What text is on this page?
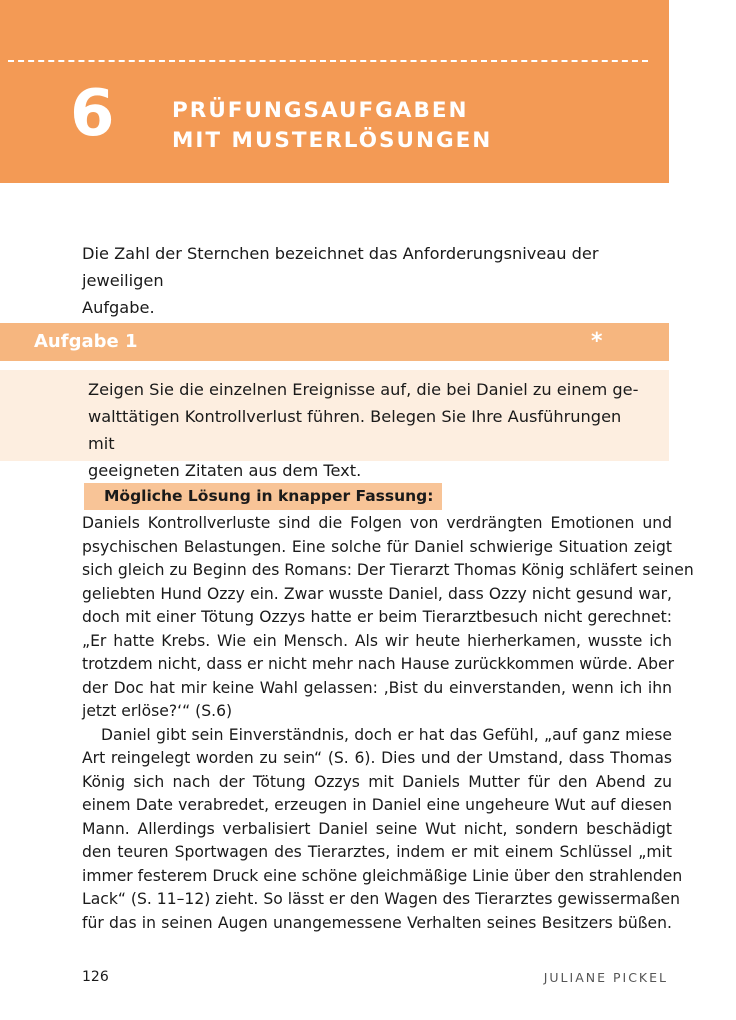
6	PRÜFUNGSAUFGABEN
MIT MUSTERLÖSUNGEN
Die Zahl der Sternchen bezeichnet das Anforderungsniveau der jeweiligen
Aufgabe.
Aufgabe 1	*
Zeigen Sie die einzelnen Ereignisse auf, die bei Daniel zu einem ge-
walttätigen Kontrollverlust führen. Belegen Sie Ihre Ausführungen mit
geeigneten Zitaten aus dem Text.
Mögliche Lösung in knapper Fassung:
Daniels Kontrollverluste sind die Folgen von verdrängten Emotionen und
psychischen Belastungen. Eine solche für Daniel schwierige Situation zeigt
sich gleich zu Beginn des Romans: Der Tierarzt Thomas König schläfert seinen
geliebten Hund Ozzy ein. Zwar wusste Daniel, dass Ozzy nicht gesund war,
doch mit einer Tötung Ozzys hatte er beim Tierarztbesuch nicht gerechnet:
„Er hatte Krebs. Wie ein Mensch. Als wir heute hierherkamen, wusste ich
trotzdem nicht, dass er nicht mehr nach Hause zurückkommen würde. Aber
der Doc hat mir keine Wahl gelassen: ‚Bist du einverstanden, wenn ich ihn
jetzt erlöse?‘“ (S.6)
Daniel gibt sein Einverständnis, doch er hat das Gefühl, „auf ganz miese
Art reingelegt worden zu sein“ (S. 6). Dies und der Umstand, dass Thomas
König sich nach der Tötung Ozzys mit Daniels Mutter für den Abend zu
einem Date verabredet, erzeugen in Daniel eine ungeheure Wut auf diesen
Mann. Allerdings verbalisiert Daniel seine Wut nicht, sondern beschädigt
den teuren Sportwagen des Tierarztes, indem er mit einem Schlüssel „mit
immer festerem Druck eine schöne gleichmäßige Linie über den strahlenden
Lack“ (S. 11–12) zieht. So lässt er den Wagen des Tierarztes gewissermaßen
für das in seinen Augen unangemessene Verhalten seines Besitzers büßen.
126	JULIANE PICKEL
